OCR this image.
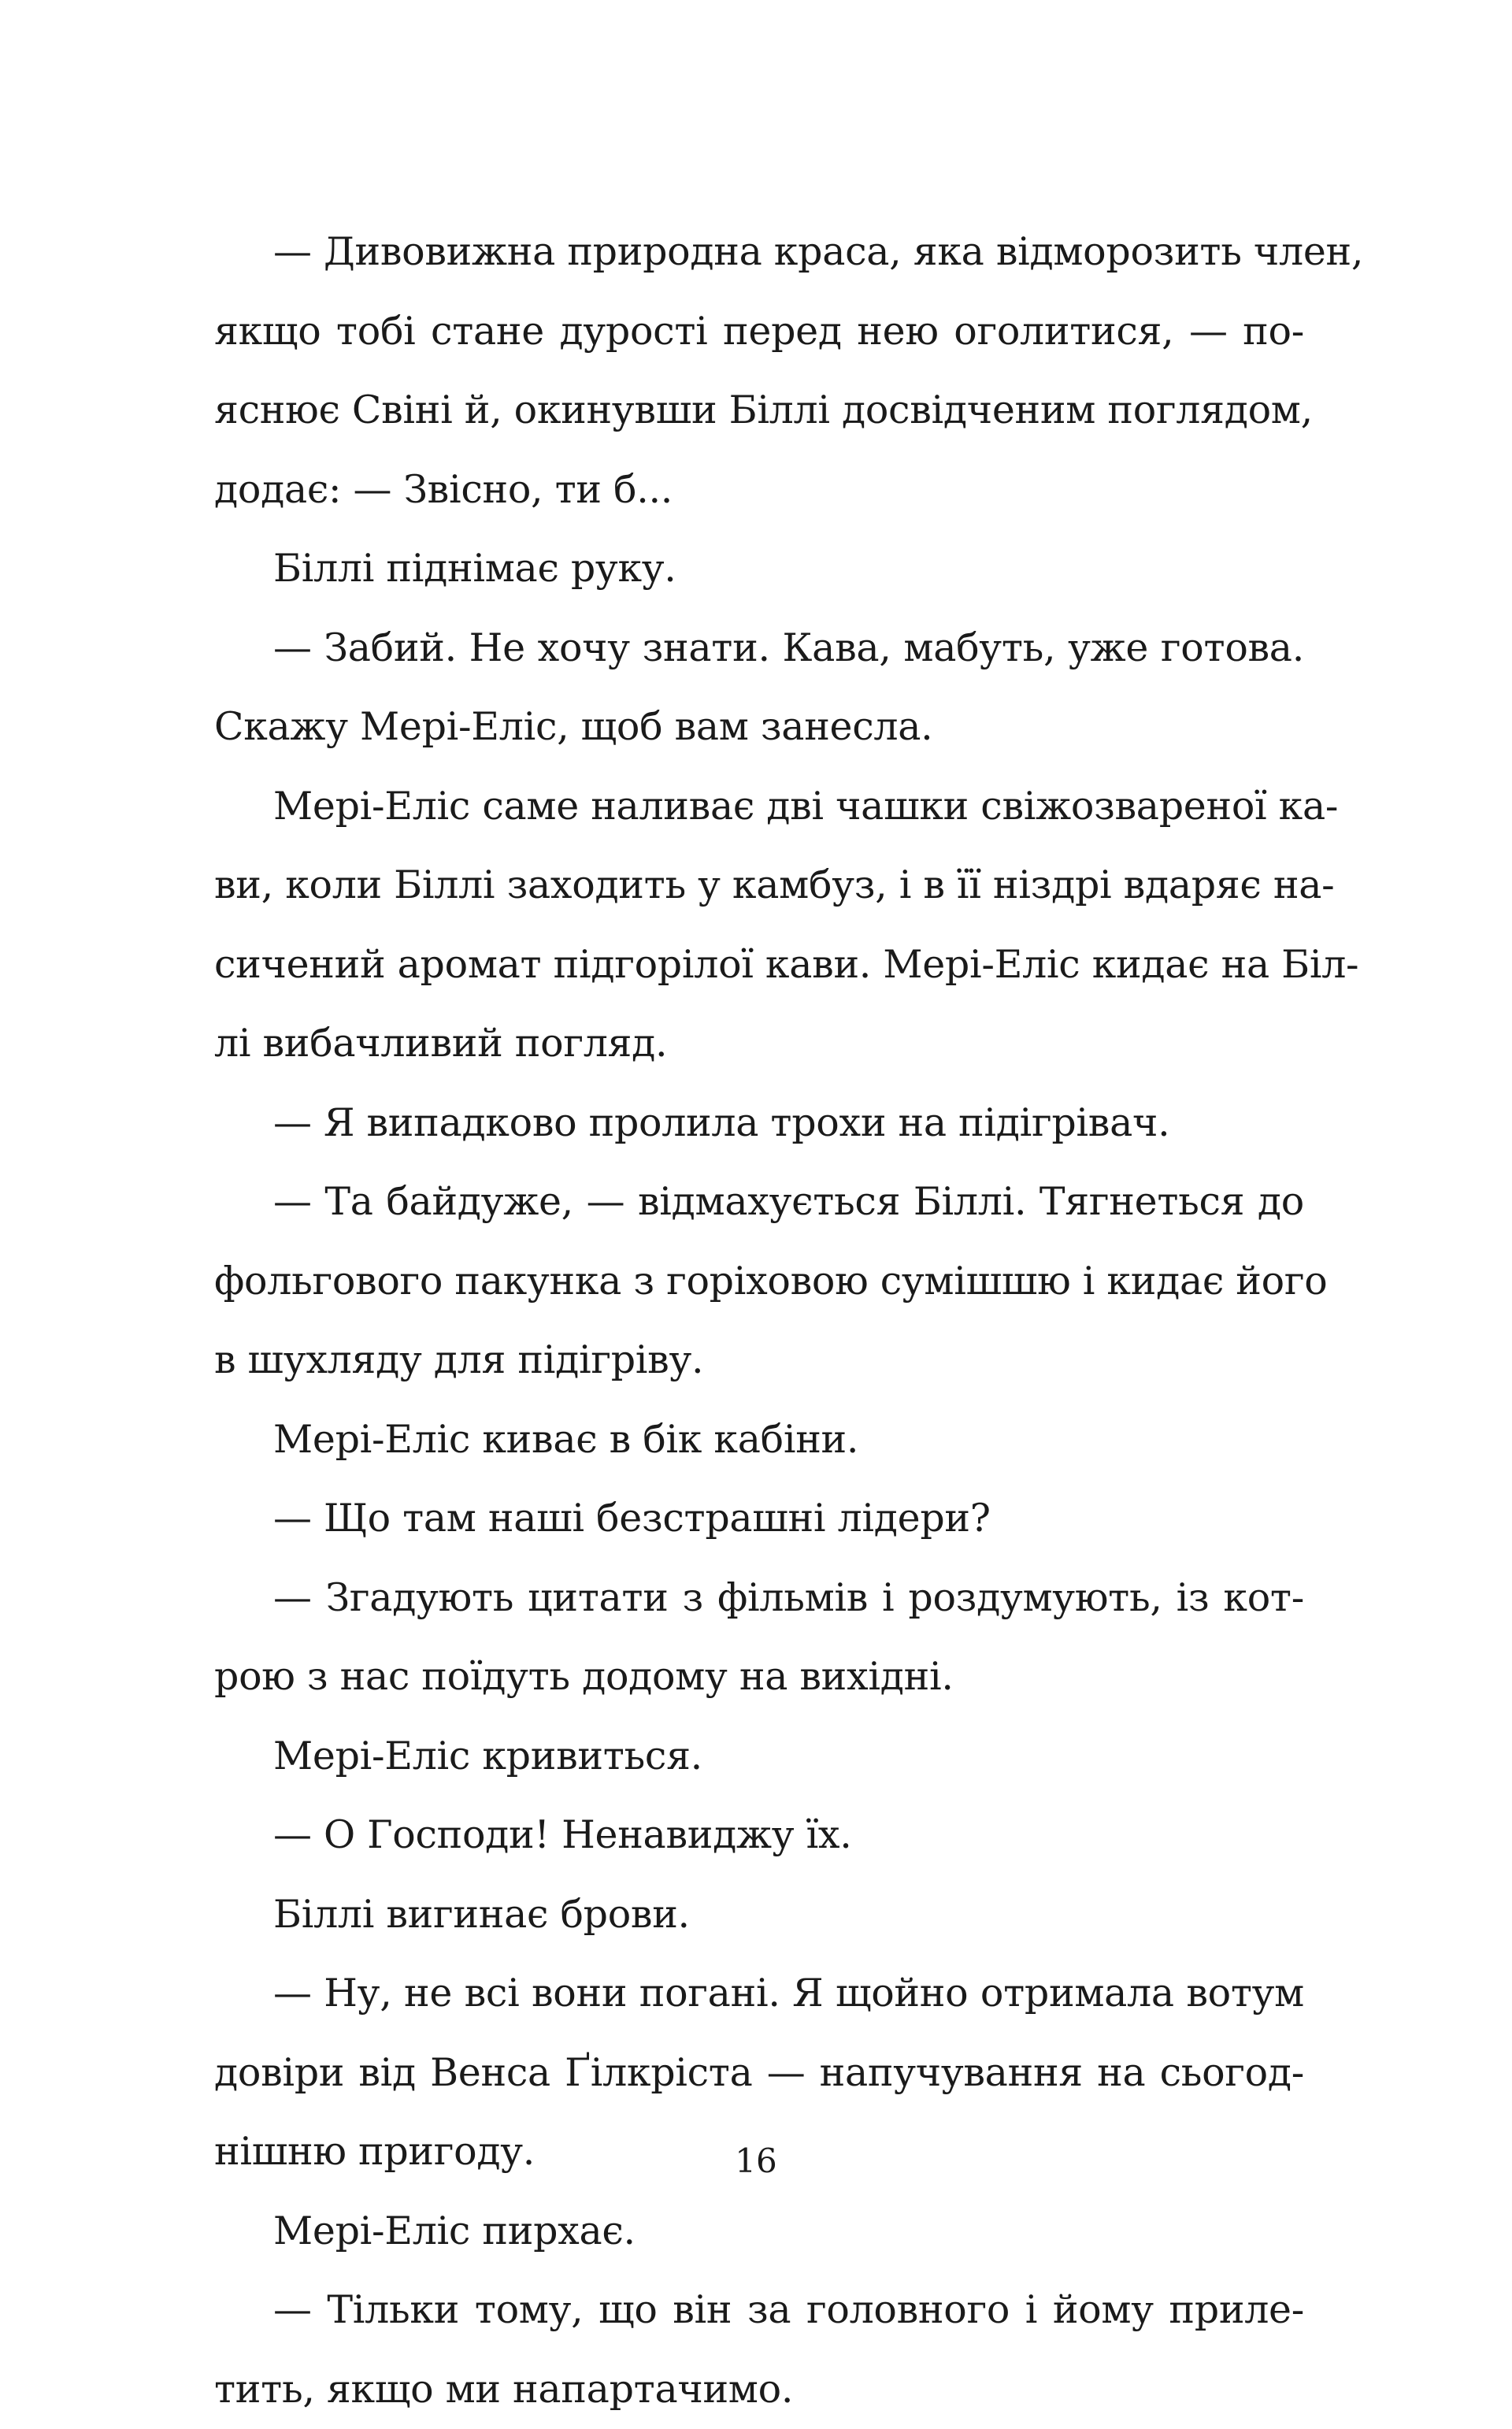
— Дивовижна природна краса, яка відморозить член,
якщо тобі стане дурості перед нею оголитися, — по-
яснює Свіні й, окинувши Біллі досвідченим поглядом,
додає: — Звісно, ти б...
Біллі піднімає руку.
— Забий. Не хочу знати. Кава, мабуть, уже готова.
Скажу Мері-Еліс, щоб вам занесла.
Мері-Еліс саме наливає дві чашки свіжозвареної ка-
ви, коли Біллі заходить у камбуз, і в її ніздрі вдаряє на-
сичений аромат підгорілої кави. Мері-Еліс кидає на Біл-
лі вибачливий погляд.
— Я випадково пролила трохи на підігрівач.
— Та байдуже, — відмахується Біллі. Тягнеться до
фольгового пакунка з горіховою сумішшю і кидає його
в шухляду для підігріву.
Мері-Еліс киває в бік кабіни.
— Що там наші безстрашні лідери?
— Згадують цитати з фільмів і роздумують, із кот-
рою з нас поїдуть додому на вихідні.
Мері-Еліс кривиться.
— О Господи! Ненавиджу їх.
Біллі вигинає брови.
— Ну, не всі вони погані. Я щойно отримала вотум
довіри від Венса Ґілкріста — напучування на сьогод-
нішню пригоду.
Мері-Еліс пирхає.
— Тільки тому, що він за головного і йому прилe-
тить, якщо ми напартачимо.
16
